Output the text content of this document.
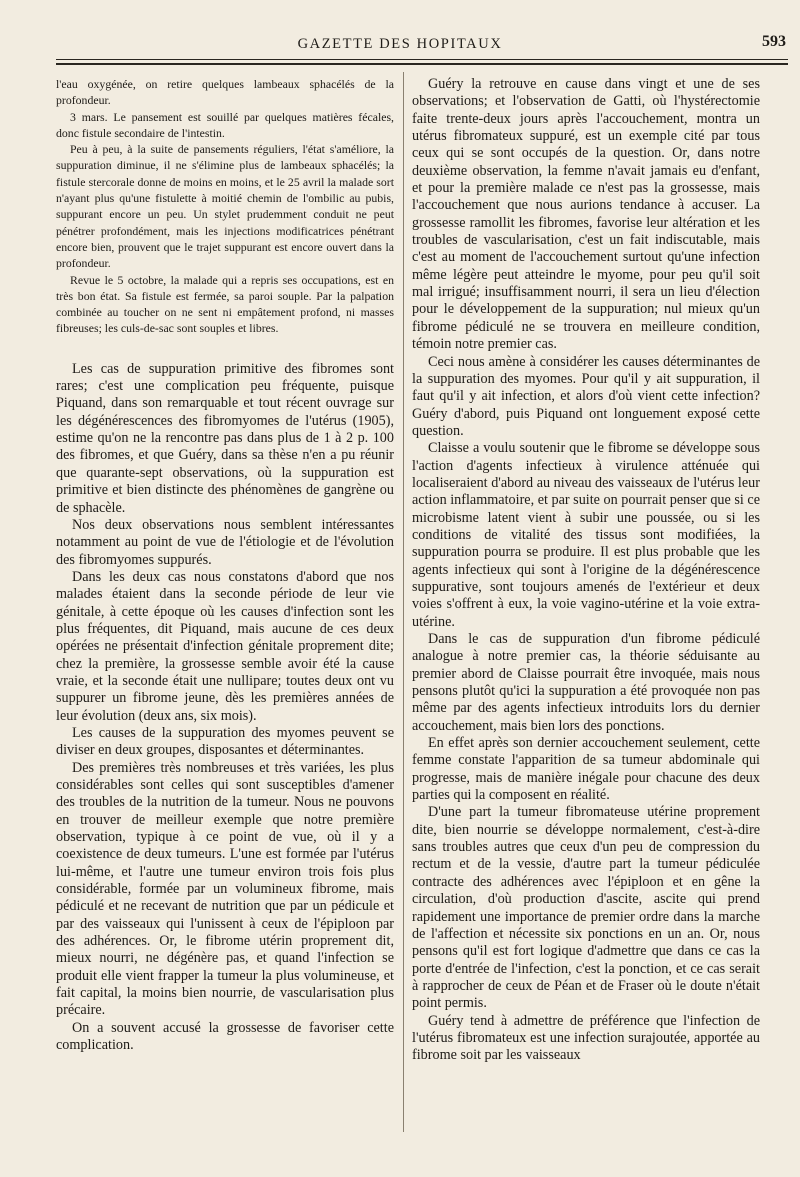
GAZETTE DES HOPITAUX	593

l'eau oxygénée, on retire quelques lambeaux sphacélés de la profondeur.

3 mars. Le pansement est souillé par quelques matières fécales, donc fistule secondaire de l'intestin.

Peu à peu, à la suite de pansements réguliers, l'état s'améliore, la suppuration diminue, il ne s'élimine plus de lambeaux sphacélés; la fistule stercorale donne de moins en moins, et le 25 avril la malade sort n'ayant plus qu'une fistulette à moitié chemin de l'ombilic au pubis, suppurant encore un peu. Un stylet prudemment conduit ne peut pénétrer profondément, mais les injections modificatrices pénétrant encore bien, prouvent que le trajet suppurant est encore ouvert dans la profondeur.

Revue le 5 octobre, la malade qui a repris ses occupations, est en très bon état. Sa fistule est fermée, sa paroi souple. Par la palpation combinée au toucher on ne sent ni empâtement profond, ni masses fibreuses; les culs-de-sac sont souples et libres.

Les cas de suppuration primitive des fibromes sont rares; c'est une complication peu fréquente, puisque Piquand, dans son remarquable et tout récent ouvrage sur les dégénérescences des fibromyomes de l'utérus (1905), estime qu'on ne la rencontre pas dans plus de 1 à 2 p. 100 des fibromes, et que Guéry, dans sa thèse n'en a pu réunir que quarante-sept observations, où la suppuration est primitive et bien distincte des phénomènes de gangrène ou de sphacèle.

Nos deux observations nous semblent intéressantes notamment au point de vue de l'étiologie et de l'évolution des fibromyomes suppurés.

Dans les deux cas nous constatons d'abord que nos malades étaient dans la seconde période de leur vie génitale, à cette époque où les causes d'infection sont les plus fréquentes, dit Piquand, mais aucune de ces deux opérées ne présentait d'infection génitale proprement dite; chez la première, la grossesse semble avoir été la cause vraie, et la seconde était une nullipare; toutes deux ont vu suppurer un fibrome jeune, dès les premières années de leur évolution (deux ans, six mois).

Les causes de la suppuration des myomes peuvent se diviser en deux groupes, disposantes et déterminantes.

Des premières très nombreuses et très variées, les plus considérables sont celles qui sont susceptibles d'amener des troubles de la nutrition de la tumeur. Nous ne pouvons en trouver de meilleur exemple que notre première observation, typique à ce point de vue, où il y a coexistence de deux tumeurs. L'une est formée par l'utérus lui-même, et l'autre une tumeur environ trois fois plus considérable, formée par un volumineux fibrome, mais pédiculé et ne recevant de nutrition que par un pédicule et par des vaisseaux qui l'unissent à ceux de l'épiploon par des adhérences. Or, le fibrome utérin proprement dit, mieux nourri, ne dégénère pas, et quand l'infection se produit elle vient frapper la tumeur la plus volumineuse, et fait capital, la moins bien nourrie, de vascularisation plus précaire.

On a souvent accusé la grossesse de favoriser cette complication.

Guéry la retrouve en cause dans vingt et une de ses observations; et l'observation de Gatti, où l'hystérectomie faite trente-deux jours après l'accouchement, montra un utérus fibromateux suppuré, est un exemple cité par tous ceux qui se sont occupés de la question. Or, dans notre deuxième observation, la femme n'avait jamais eu d'enfant, et pour la première malade ce n'est pas la grossesse, mais l'accouchement que nous aurions tendance à accuser. La grossesse ramollit les fibromes, favorise leur altération et les troubles de vascularisation, c'est un fait indiscutable, mais c'est au moment de l'accouchement surtout qu'une infection même légère peut atteindre le myome, pour peu qu'il soit mal irrigué; insuffisamment nourri, il sera un lieu d'élection pour le développement de la suppuration; nul mieux qu'un fibrome pédiculé ne se trouvera en meilleure condition, témoin notre premier cas.

Ceci nous amène à considérer les causes déterminantes de la suppuration des myomes. Pour qu'il y ait suppuration, il faut qu'il y ait infection, et alors d'où vient cette infection? Guéry d'abord, puis Piquand ont longuement exposé cette question.

Claisse a voulu soutenir que le fibrome se développe sous l'action d'agents infectieux à virulence atténuée qui localiseraient d'abord au niveau des vaisseaux de l'utérus leur action inflammatoire, et par suite on pourrait penser que si ce microbisme latent vient à subir une poussée, ou si les conditions de vitalité des tissus sont modifiées, la suppuration pourra se produire. Il est plus probable que les agents infectieux qui sont à l'origine de la dégénérescence suppurative, sont toujours amenés de l'extérieur et deux voies s'offrent à eux, la voie vagino-utérine et la voie extra-utérine.

Dans le cas de suppuration d'un fibrome pédiculé analogue à notre premier cas, la théorie séduisante au premier abord de Claisse pourrait être invoquée, mais nous pensons plutôt qu'ici la suppuration a été provoquée non pas même par des agents infectieux introduits lors du dernier accouchement, mais bien lors des ponctions.

En effet après son dernier accouchement seulement, cette femme constate l'apparition de sa tumeur abdominale qui progresse, mais de manière inégale pour chacune des deux parties qui la composent en réalité.

D'une part la tumeur fibromateuse utérine proprement dite, bien nourrie se développe normalement, c'est-à-dire sans troubles autres que ceux d'un peu de compression du rectum et de la vessie, d'autre part la tumeur pédiculée contracte des adhérences avec l'épiploon et en gêne la circulation, d'où production d'ascite, ascite qui prend rapidement une importance de premier ordre dans la marche de l'affection et nécessite six ponctions en un an. Or, nous pensons qu'il est fort logique d'admettre que dans ce cas la porte d'entrée de l'infection, c'est la ponction, et ce cas serait à rapprocher de ceux de Péan et de Fraser où le doute n'était point permis.

Guéry tend à admettre de préférence que l'infection de l'utérus fibromateux est une infection surajoutée, apportée au fibrome soit par les vaisseaux
